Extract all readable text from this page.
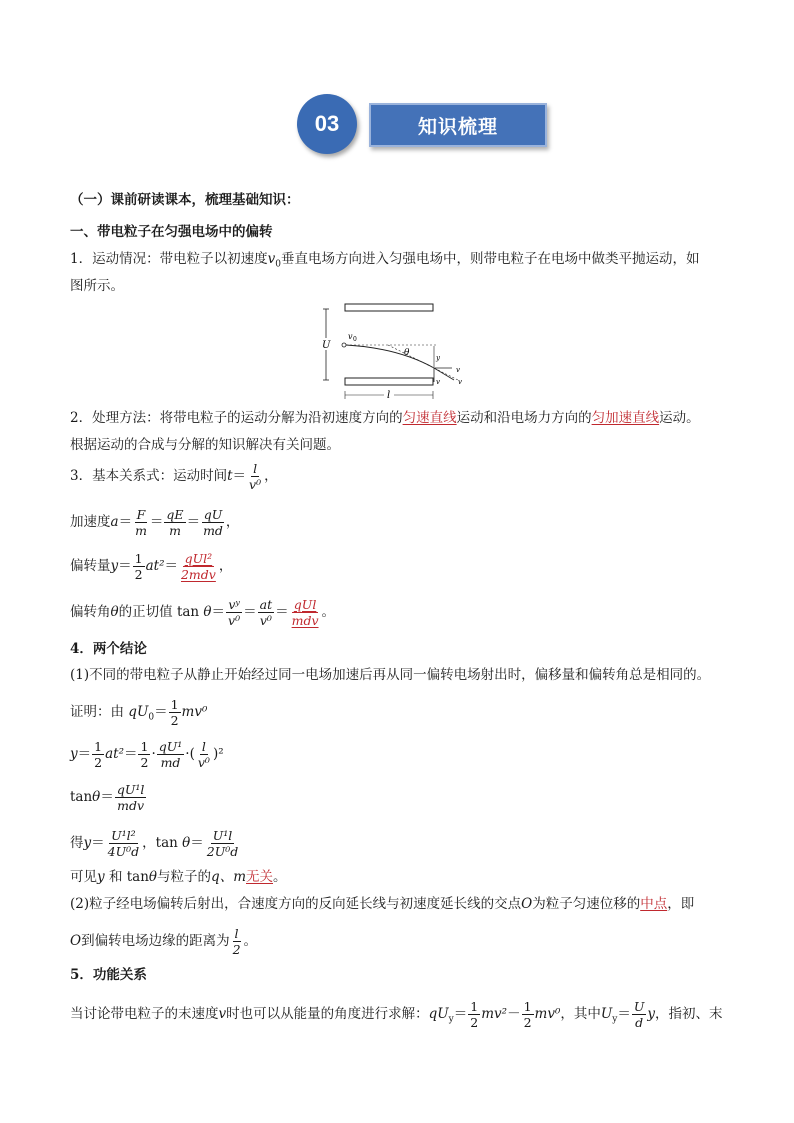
03	知识梳理
（一）课前研读课本，梳理基础知识：
一、带电粒子在匀强电场中的偏转
1．运动情况：带电粒子以初速度$v_0$垂直电场方向进入匀强电场中，则带电粒子在电场中做类平抛运动，如
图所示。
U
v 0
θ	y
v
v
v
l
2．处理方法：将带电粒子的运动分解为沿初速度方向的匀速直线运动和沿电场力方向的匀加速直线运动。
根据运动的合成与分解的知识解决有关问题。
3．基本关系式：运动时间$t= \frac{l}{\text{v⁰}}$ ，
加速度$a= \frac{F}{m} = \frac{qE}{m} = \frac{qU}{md}$ ，
偏转量$y= \frac{1}{2} at^2= \frac{\text{qUl²}}{\text{2mdv}}$ ，
偏转角θ的正切值 $\tan \theta= \frac{\text{vʸ}}{\text{v⁰}} = \frac{at}{\text{v⁰}} = \frac{\text{qUl}}{\text{mdv}}$ 。
4．两个结论
(1)不同的带电粒子从静止开始经过同一电场加速后再从同一偏转电场射出时，偏移量和偏转角总是相同的。
证明：由 $qU_0= \frac{1}{2} mv^0$
$y= \frac{1}{2} at^2= \frac{1}{2} \cdot \frac{\text{qU¹}}{md}$ ·( $\frac{l}{\text{v⁰}} )^2$
$\tan\theta= \frac{\text{qU¹l}}{\text{mdv}}$
得$y= \frac{\text{U¹l²}}{\text{4U⁰d}}$ ，$\tan \theta= \frac{\text{U¹l}}{\text{2U⁰d}}$
可见y 和 tanθ与粒子的q、m无关。
(2)粒子经电场偏转后射出，合速度方向的反向延长线与初速度延长线的交点O为粒子匀速位移的中点，即
O到偏转电场边缘的距离为 $\frac{l}{2}$ 。
5．功能关系
当讨论带电粒子的末速度v时也可以从能量的角度进行求解：$qU_y= \frac{1}{2} mv^2- \frac{1}{2} mv^0$，其中$U_y= \frac{U}{d}$ y，指初、末
